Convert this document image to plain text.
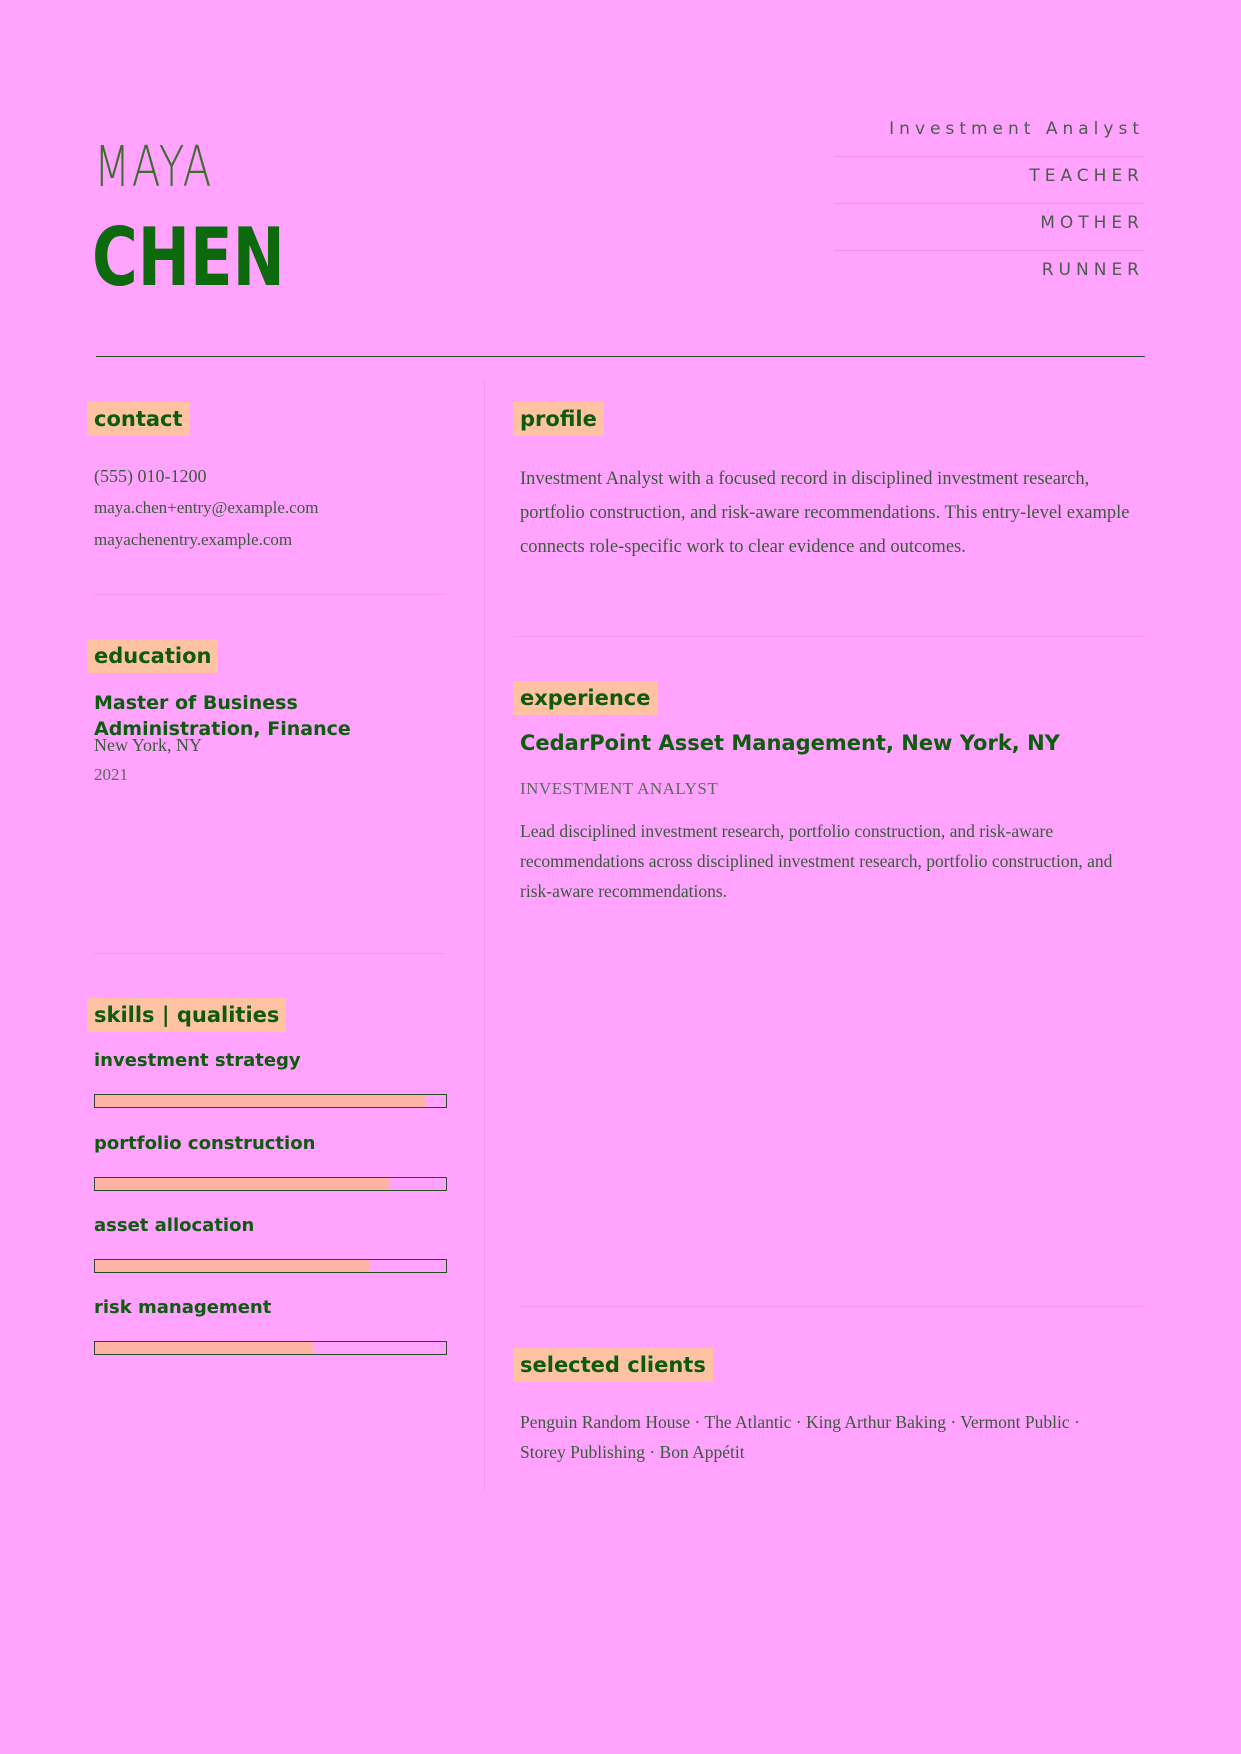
MAYA
CHEN
Investment Analyst
TEACHER
MOTHER
RUNNER
contact
(555) 010-1200
maya.chen+entry@example.com
mayachenentry.example.com
education
Master of Business Administration, Finance
New York, NY
2021
skills | qualities
investment strategy
portfolio construction
asset allocation
risk management
profile
Investment Analyst with a focused record in disciplined investment research, portfolio construction, and risk-aware recommendations. This entry-level example connects role-specific work to clear evidence and outcomes.
experience
CedarPoint Asset Management, New York, NY
INVESTMENT ANALYST
Lead disciplined investment research, portfolio construction, and risk-aware recommendations across disciplined investment research, portfolio construction, and risk-aware recommendations.
selected clients
Penguin Random House · The Atlantic · King Arthur Baking · Vermont Public · Storey Publishing · Bon Appétit
